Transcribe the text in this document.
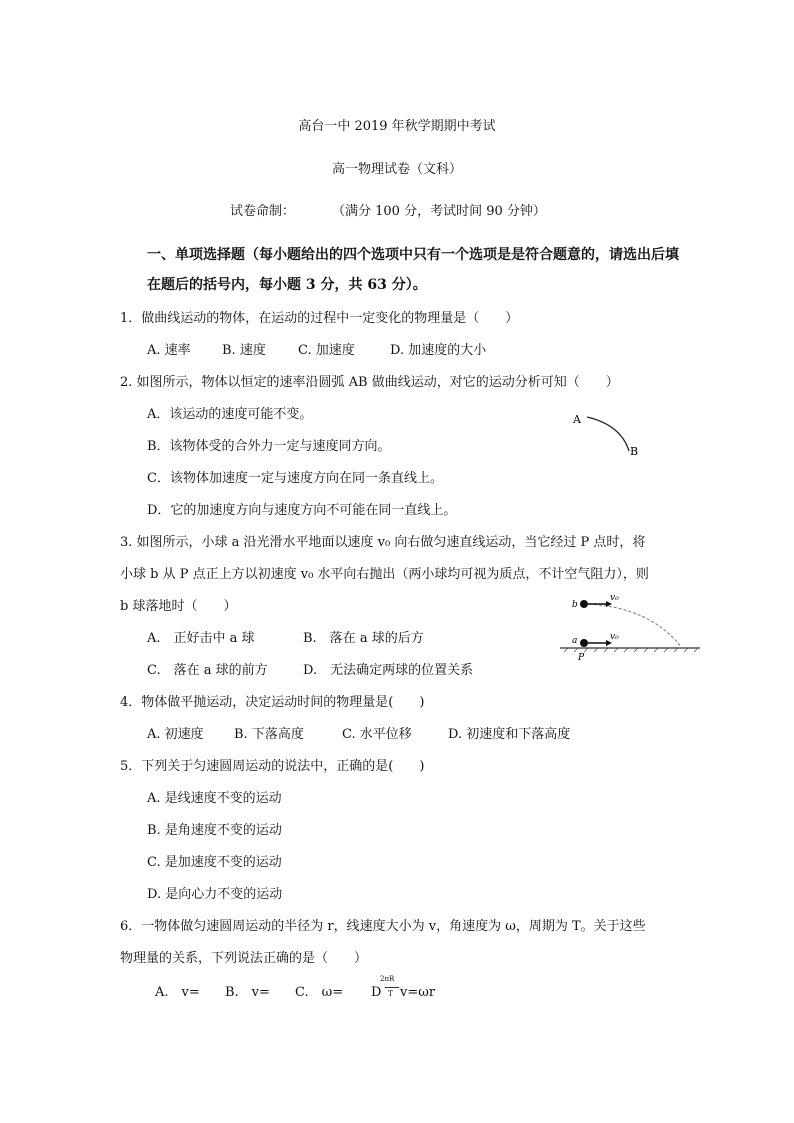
高台一中 2019 年秋学期期中考试
高一物理试卷（文科）
试卷命制：	（满分 100 分，考试时间 90 分钟）
一、单项选择题（每小题给出的四个选项中只有一个选项是是符合题意的，请选出后填
在题后的括号内，每小题 3 分，共 63 分）。
1．做曲线运动的物体，在运动的过程中一定变化的物理量是（　　）
A. 速率 B. 速度 C. 加速度	D. 加速度的大小
2. 如图所示，物体以恒定的速率沿圆弧 AB 做曲线运动，对它的运动分析可知（　　）
A．该运动的速度可能不变。
B．该物体受的合外力一定与速度同方向。
C．该物体加速度一定与速度方向在同一条直线上。
D．它的加速度方向与速度方向不可能在同一直线上。
A
B
3. 如图所示，小球 a 沿光滑水平地面以速度 v₀ 向右做匀速直线运动，当它经过 P 点时，将
小球 b 从 P 点正上方以初速度 v₀ 水平向右抛出（两小球均可视为质点，不计空气阻力），则
b 球落地时（　　）
A.　正好击中 a 球	B.　落在 a 球的后方
C.　落在 a 球的前方	D.　无法确定两球的位置关系
b
a
P
v₀
v₀
4．物体做平抛运动，决定运动时间的物理量是(　　)
A. 初速度 B. 下落高度	C. 水平位移	D. 初速度和下落高度
5．下列关于匀速圆周运动的说法中，正确的是(　　)
A. 是线速度不变的运动
B. 是角速度不变的运动
C. 是加速度不变的运动
D. 是向心力不变的运动
6．一物体做匀速圆周运动的半径为 r，线速度大小为 v，角速度为 ω，周期为 T。关于这些
物理量的关系，下列说法正确的是（　　）
A.　v= B.　v= C.　ω= D
2πR
T v=ωr
